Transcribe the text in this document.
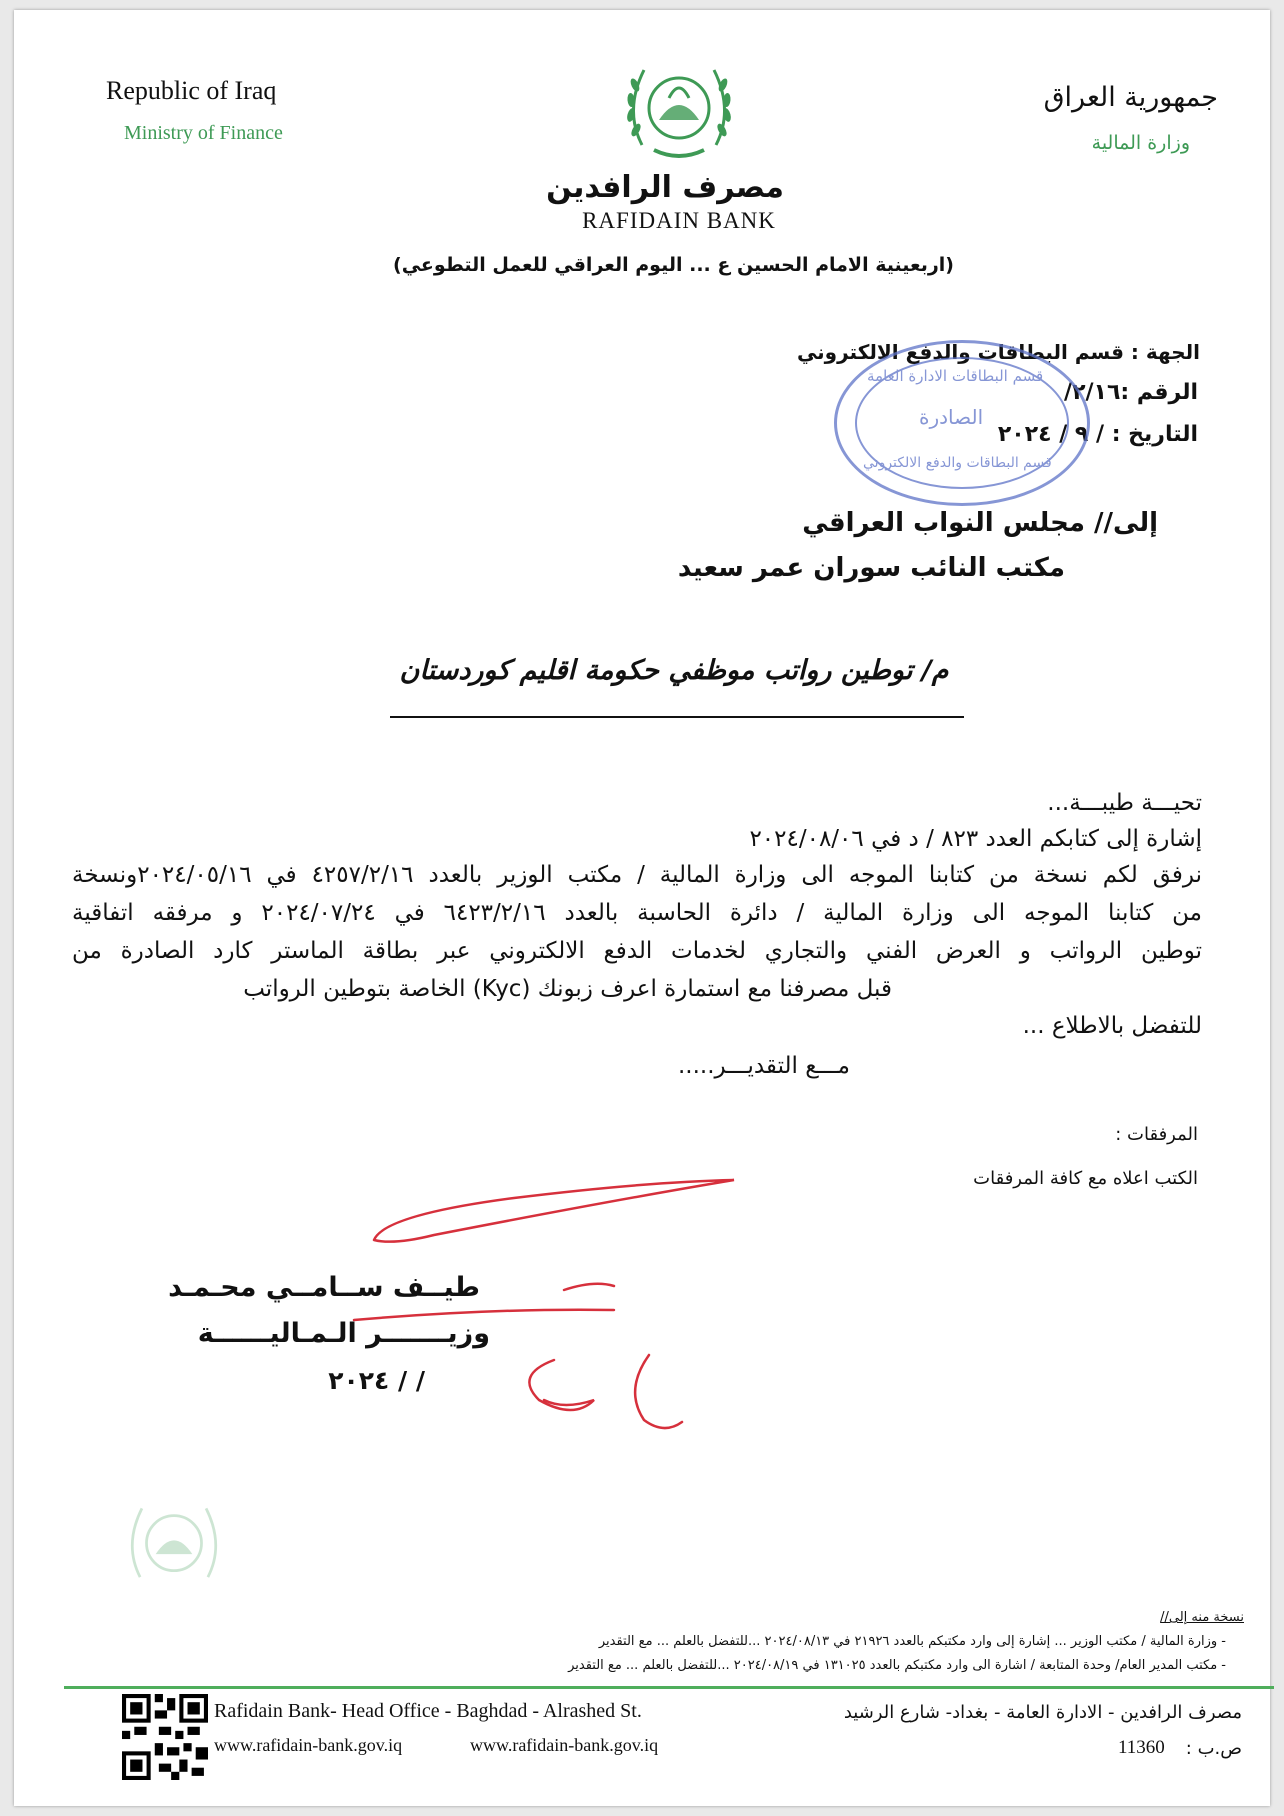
Republic of Iraq
Ministry of Finance
جمهورية العراق
وزارة المالية
مصرف الرافدين
RAFIDAIN BANK
(اربعينية الامام الحسين ع ... اليوم العراقي للعمل التطوعي)
الجهة : قسم البطاقات والدفع الالكتروني
الرقم :٢/١٦/
التاريخ : / ٩ / ٢٠٢٤
قسم البطاقات الادارة العامة
الصادرة
قسم البطاقات والدفع الالكتروني
إلى// مجلس النواب العراقي
مكتب النائب سوران عمر سعيد
م/ توطين رواتب موظفي حكومة اقليم كوردستان
تحيـــة طيبـــة...
إشارة إلى كتابكم العدد ٨٢٣ / د في ٢٠٢٤/٠٨/٠٦
نرفق لكم نسخة من كتابنا الموجه الى وزارة المالية / مكتب الوزير بالعدد ٤٢٥٧/٢/١٦ في ٢٠٢٤/٠٥/١٦ونسخة
من كتابنا الموجه الى وزارة المالية / دائرة الحاسبة بالعدد ٦٤٢٣/٢/١٦ في ٢٠٢٤/٠٧/٢٤ و مرفقه اتفاقية
توطين الرواتب و العرض الفني والتجاري لخدمات الدفع الالكتروني عبر بطاقة الماستر كارد الصادرة من
قبل مصرفنا مع استمارة اعرف زبونك (Kyc) الخاصة بتوطين الرواتب
للتفضل بالاطلاع ...
مـــع التقديـــر.....
المرفقات :
الكتب اعلاه مع كافة المرفقات
طيــف ســامــي محـمـد
وزيـــــــر الـمـاليــــــة
/ / ٢٠٢٤
نسخة منه إلى//
- وزارة المالية / مكتب الوزير ... إشارة إلى وارد مكتبكم بالعدد ٢١٩٢٦ في ٢٠٢٤/٠٨/١٣ ...للتفضل بالعلم ... مع التقدير
- مكتب المدير العام/ وحدة المتابعة / اشارة الى وارد مكتبكم بالعدد ١٣١٠٢٥ في ٢٠٢٤/٠٨/١٩ ...للتفضل بالعلم ... مع التقدير
Rafidain Bank- Head Office - Baghdad - Alrashed St.
www.rafidain-bank.gov.iq	www.rafidain-bank.gov.iq
مصرف الرافدين - الادارة العامة - بغداد- شارع الرشيد
ص.ب :
11360
